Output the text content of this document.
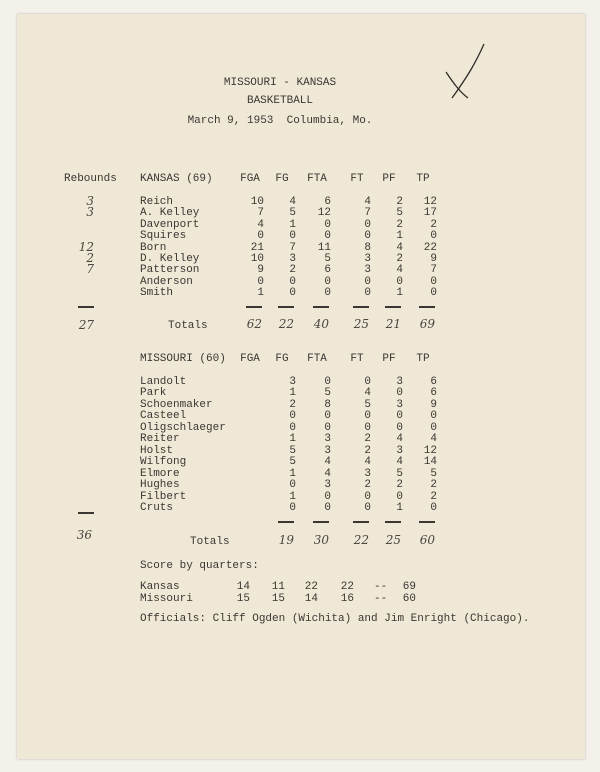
MISSOURI - KANSAS
BASKETBALL
March 9, 1953  Columbia, Mo.
Rebounds KANSAS (69)	FGA	FG	FTA	FT	PF	TP
3	Reich	10	4	6	4	2	12
3	A. Kelley	7	5	12	7	5	17
Davenport	4	1	0	0	2	2
Squires	0	0	0	0	1	0
12	Born	21	7	11	8	4	22
2	D. Kelley	10	3	5	3	2	9
7	Patterson	9	2	6	3	4	7
Anderson	0	0	0	0	0	0
Smith	1	0	0	0	1	0
27	Totals	62	22	40	25	21	69
MISSOURI (60)	FGA	FG	FTA	FT	PF	TP
Landolt	3	0	0	3	6
Park	1	5	4	0	6
Schoenmaker	2	8	5	3	9
Casteel	0	0	0	0	0
Oligschlaeger	0	0	0	0	0
Reiter	1	3	2	4	4
Holst	5	3	2	3	12
Wilfong	5	4	4	4	14
Elmore	1	4	3	5	5
Hughes	0	3	2	2	2
Filbert	1	0	0	0	2
Cruts	0	0	0	1	0
36	Totals	19	30	22	25	60
Score by quarters:
Kansas	14	11	22	22 --	69
Missouri	15	15	14	16 --	60
Officials: Cliff Ogden (Wichita) and Jim Enright (Chicago).
